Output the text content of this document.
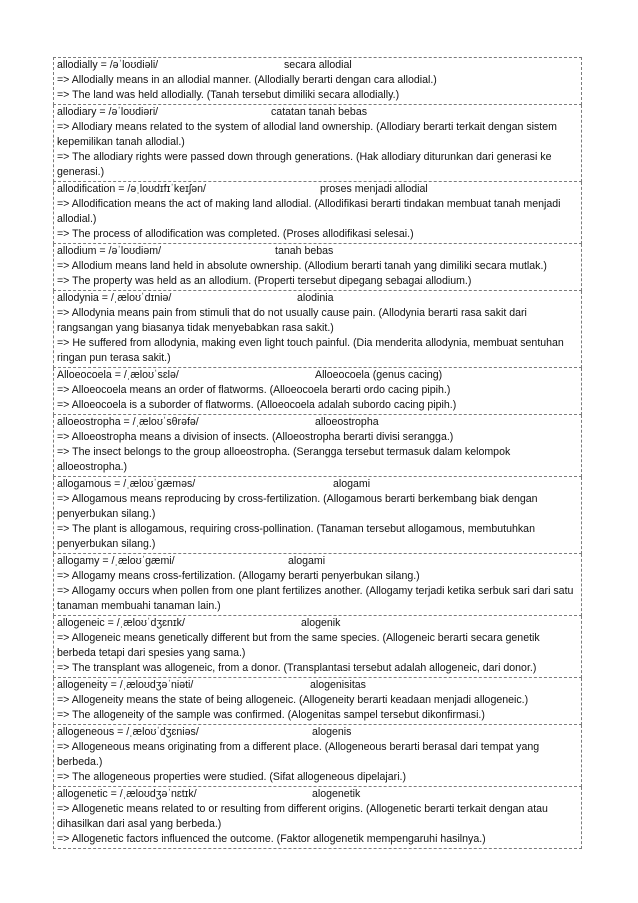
allodially = /əˈloʊdiəli/	secara allodial
=> Allodially means in an allodial manner. (Allodially berarti dengan cara allodial.)
=> The land was held allodially. (Tanah tersebut dimiliki secara allodially.)
allodiary = /əˈloʊdiəri/	catatan tanah bebas
=> Allodiary means related to the system of allodial land ownership. (Allodiary berarti terkait dengan sistem kepemilikan tanah allodial.)
=> The allodiary rights were passed down through generations. (Hak allodiary diturunkan dari generasi ke generasi.)
allodification = /əˌloʊdɪfɪˈkeɪʃən/	proses menjadi allodial
=> Allodification means the act of making land allodial. (Allodifikasi berarti tindakan membuat tanah menjadi allodial.)
=> The process of allodification was completed. (Proses allodifikasi selesai.)
allodium = /əˈloʊdiəm/	tanah bebas
=> Allodium means land held in absolute ownership. (Allodium berarti tanah yang dimiliki secara mutlak.)
=> The property was held as an allodium. (Properti tersebut dipegang sebagai allodium.)
allodynia = /ˌæloʊˈdɪniə/	alodinia
=> Allodynia means pain from stimuli that do not usually cause pain. (Allodynia berarti rasa sakit dari rangsangan yang biasanya tidak menyebabkan rasa sakit.)
=> He suffered from allodynia, making even light touch painful. (Dia menderita allodynia, membuat sentuhan ringan pun terasa sakit.)
Alloeocoela = /ˌæloʊˈsɛlə/	Alloeocoela (genus cacing)
=> Alloeocoela means an order of flatworms. (Alloeocoela berarti ordo cacing pipih.)
=> Alloeocoela is a suborder of flatworms. (Alloeocoela adalah subordo cacing pipih.)
alloeostropha = /ˌæloʊˈsθrəfə/	alloeostropha
=> Alloeostropha means a division of insects. (Alloeostropha berarti divisi serangga.)
=> The insect belongs to the group alloeostropha. (Serangga tersebut termasuk dalam kelompok alloeostropha.)
allogamous = /ˌæloʊˈɡæməs/	alogami
=> Allogamous means reproducing by cross-fertilization. (Allogamous berarti berkembang biak dengan penyerbukan silang.)
=> The plant is allogamous, requiring cross-pollination. (Tanaman tersebut allogamous, membutuhkan penyerbukan silang.)
allogamy = /ˌæloʊˈɡæmi/	alogami
=> Allogamy means cross-fertilization. (Allogamy berarti penyerbukan silang.)
=> Allogamy occurs when pollen from one plant fertilizes another. (Allogamy terjadi ketika serbuk sari dari satu tanaman membuahi tanaman lain.)
allogeneic = /ˌæloʊˈdʒɛnɪk/	alogenik
=> Allogeneic means genetically different but from the same species. (Allogeneic berarti secara genetik berbeda tetapi dari spesies yang sama.)
=> The transplant was allogeneic, from a donor. (Transplantasi tersebut adalah allogeneic, dari donor.)
allogeneity = /ˌæloʊdʒəˈniəti/	alogenisitas
=> Allogeneity means the state of being allogeneic. (Allogeneity berarti keadaan menjadi allogeneic.)
=> The allogeneity of the sample was confirmed. (Alogenitas sampel tersebut dikonfirmasi.)
allogeneous = /ˌæloʊˈdʒɛniəs/	alogenis
=> Allogeneous means originating from a different place. (Allogeneous berarti berasal dari tempat yang berbeda.)
=> The allogeneous properties were studied. (Sifat allogeneous dipelajari.)
allogenetic = /ˌæloʊdʒəˈnɛtɪk/	alogenetik
=> Allogenetic means related to or resulting from different origins. (Allogenetic berarti terkait dengan atau dihasilkan dari asal yang berbeda.)
=> Allogenetic factors influenced the outcome. (Faktor allogenetik mempengaruhi hasilnya.)
